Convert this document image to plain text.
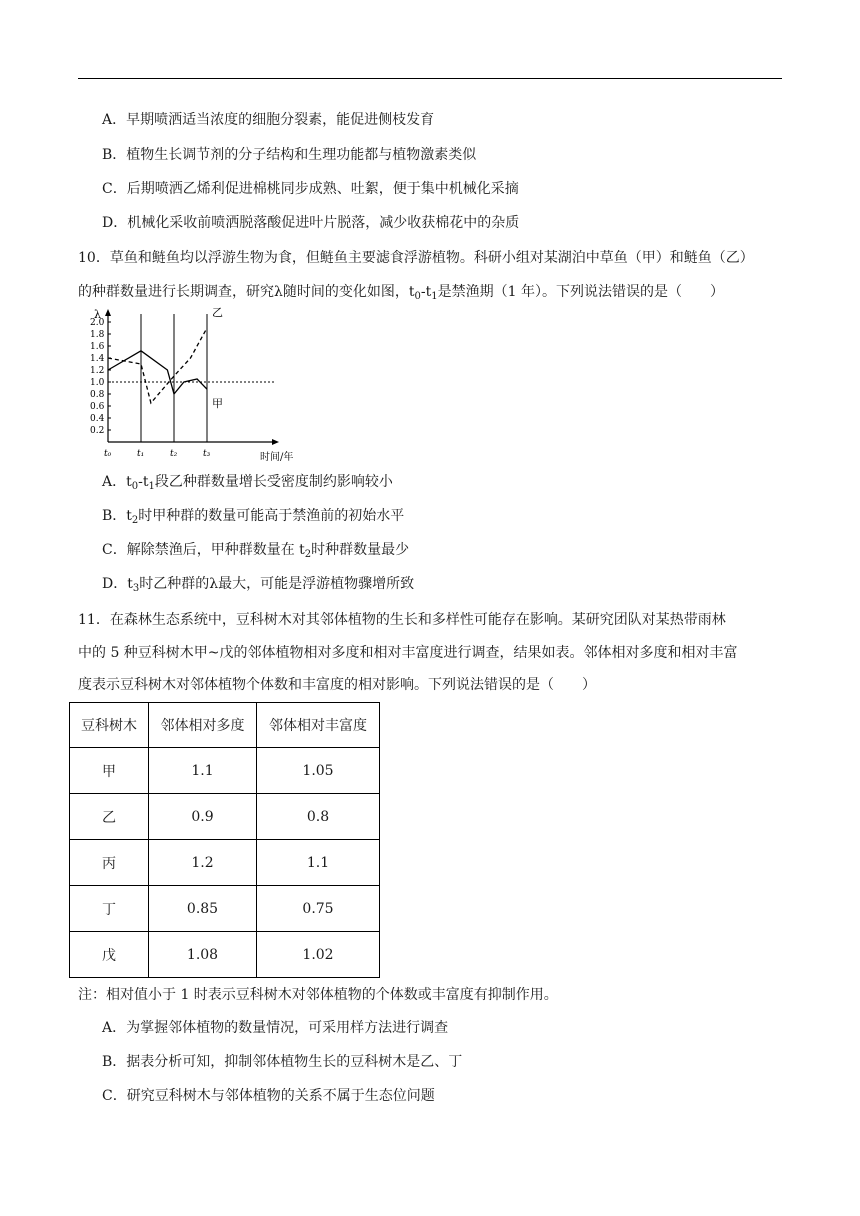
A．早期喷洒适当浓度的细胞分裂素，能促进侧枝发育
B．植物生长调节剂的分子结构和生理功能都与植物激素类似
C．后期喷洒乙烯利促进棉桃同步成熟、吐絮，便于集中机械化采摘
D．机械化采收前喷洒脱落酸促进叶片脱落，减少收获棉花中的杂质
10．草鱼和鲢鱼均以浮游生物为食，但鲢鱼主要滤食浮游植物。科研小组对某湖泊中草鱼（甲）和鲢鱼（乙）
的种群数量进行长期调查，研究λ随时间的变化如图，$t_0-t_1$是禁渔期（1 年）。下列说法错误的是（　　）
λ
2.0
1.8
1.6
1.4
1.2
1.0
0.8
0.6
0.4
0.2
t₀	t₁	t₂	t₃	时间/年
甲
乙
A．$t_0-t_1$段乙种群数量增长受密度制约影响较小
B．$t_2$时甲种群的数量可能高于禁渔前的初始水平
C．解除禁渔后，甲种群数量在 $t_2$时种群数量最少
D．$t_3$时乙种群的λ最大，可能是浮游植物骤增所致
11．在森林生态系统中，豆科树木对其邻体植物的生长和多样性可能存在影响。某研究团队对某热带雨林
中的 5 种豆科树木甲~戊的邻体植物相对多度和相对丰富度进行调查，结果如表。邻体相对多度和相对丰富
度表示豆科树木对邻体植物个体数和丰富度的相对影响。下列说法错误的是（　　）
豆科树木	邻体相对多度	邻体相对丰富度
甲	1.1	1.05
乙	0.9	0.8
丙	1.2	1.1
丁	0.85	0.75
戊	1.08	1.02
注：相对值小于 1 时表示豆科树木对邻体植物的个体数或丰富度有抑制作用。
A．为掌握邻体植物的数量情况，可采用样方法进行调查
B．据表分析可知，抑制邻体植物生长的豆科树木是乙、丁
C．研究豆科树木与邻体植物的关系不属于生态位问题
